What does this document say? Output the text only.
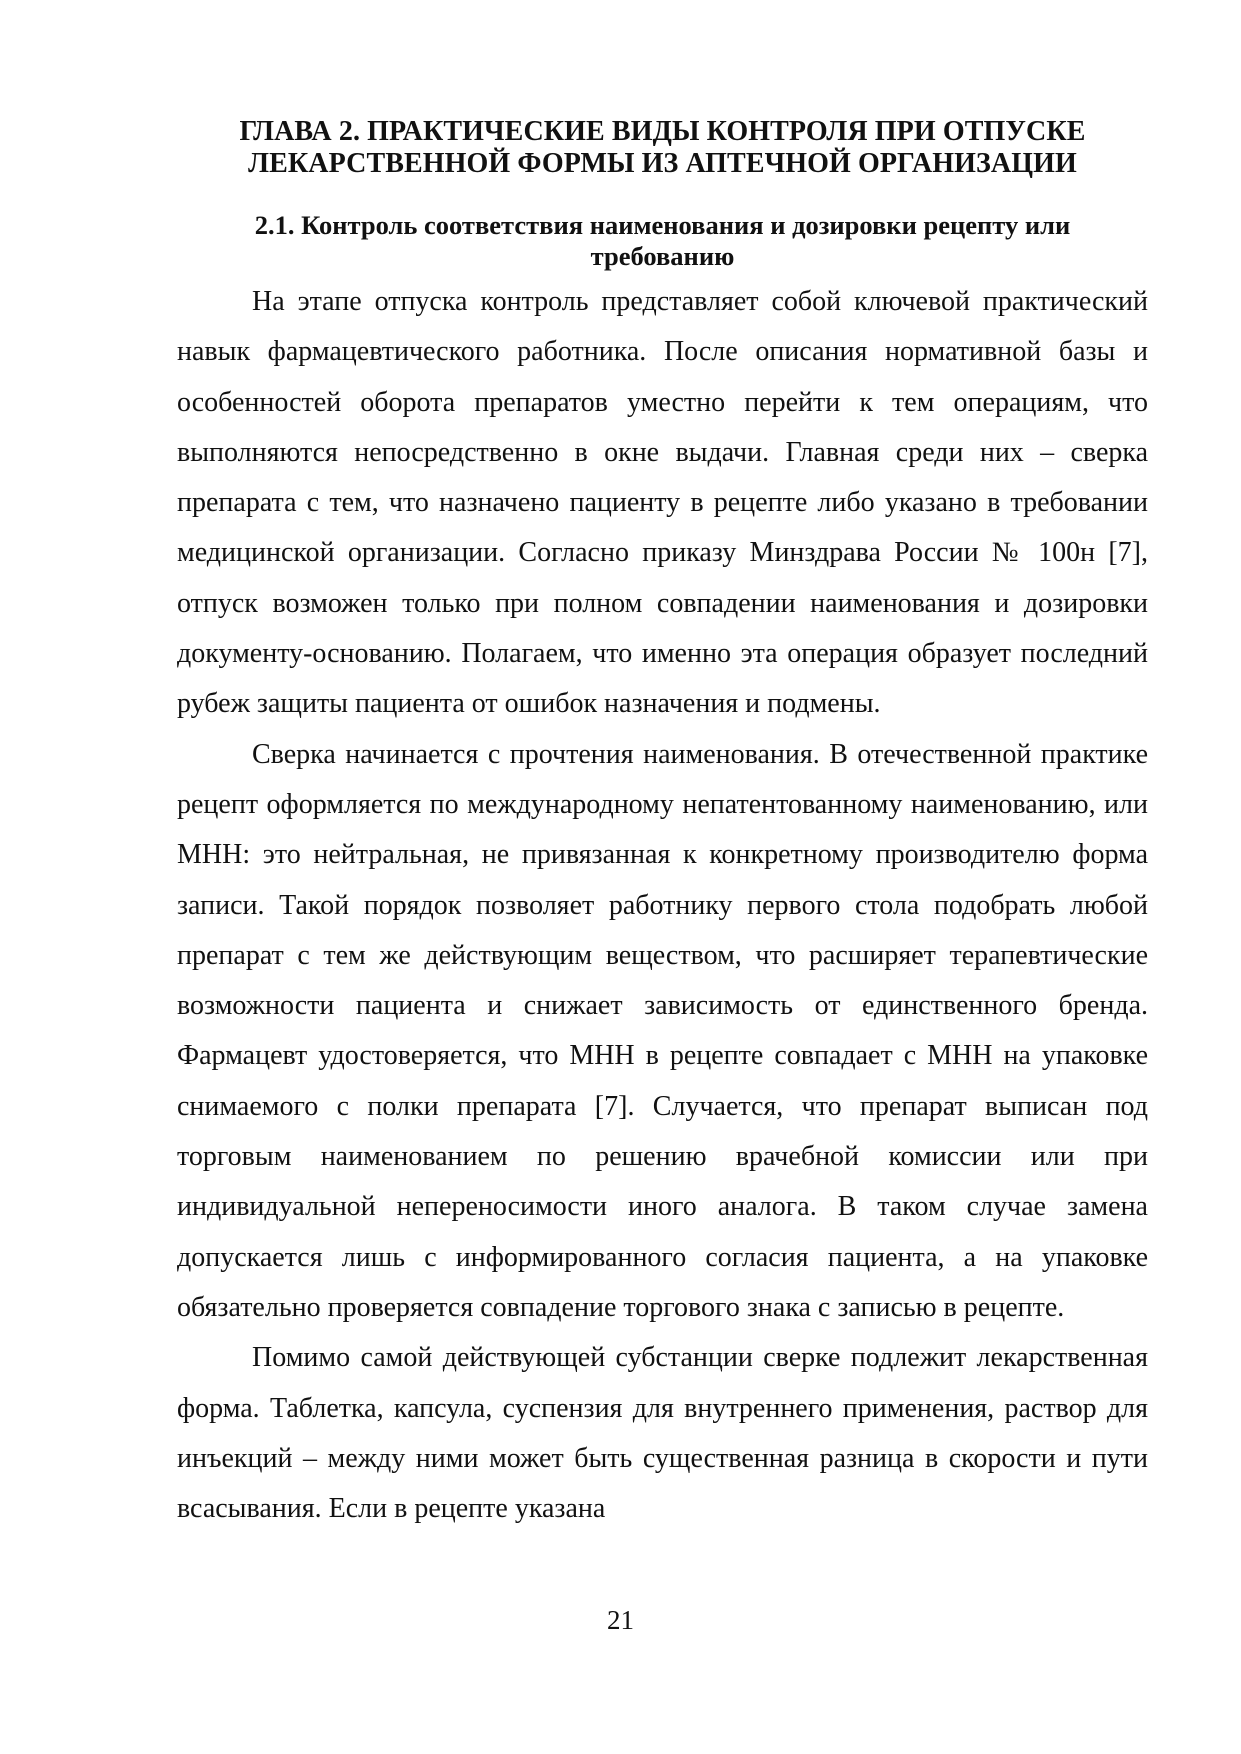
ГЛАВА 2. ПРАКТИЧЕСКИЕ ВИДЫ КОНТРОЛЯ ПРИ ОТПУСКЕ
ЛЕКАРСТВЕННОЙ ФОРМЫ ИЗ АПТЕЧНОЙ ОРГАНИЗАЦИИ
2.1. Контроль соответствия наименования и дозировки рецепту или
требованию

На этапе отпуска контроль представляет собой ключевой практический навык фармацевтического работника. После описания нормативной базы и особенностей оборота препаратов уместно перейти к тем операциям, что выполняются непосредственно в окне выдачи. Главная среди них – сверка препарата с тем, что назначено пациенту в рецепте либо указано в требовании медицинской организации. Согласно приказу Минздрава России № 100н [7], отпуск возможен только при полном совпадении наименования и дозировки документу-основанию. Полагаем, что именно эта операция образует последний рубеж защиты пациента от ошибок назначения и подмены.

Сверка начинается с прочтения наименования. В отечественной практике рецепт оформляется по международному непатентованному наименованию, или МНН: это нейтральная, не привязанная к конкретному производителю форма записи. Такой порядок позволяет работнику первого стола подобрать любой препарат с тем же действующим веществом, что расширяет терапевтические возможности пациента и снижает зависимость от единственного бренда. Фармацевт удостоверяется, что МНН в рецепте совпадает с МНН на упаковке снимаемого с полки препарата [7]. Случается, что препарат выписан под торговым наименованием по решению врачебной комиссии или при индивидуальной непереносимости иного аналога. В таком случае замена допускается лишь с информированного согласия пациента, а на упаковке обязательно проверяется совпадение торгового знака с записью в рецепте.

Помимо самой действующей субстанции сверке подлежит лекарственная форма. Таблетка, капсула, суспензия для внутреннего применения, раствор для инъекций – между ними может быть существенная разница в скорости и пути всасывания. Если в рецепте указана

21
